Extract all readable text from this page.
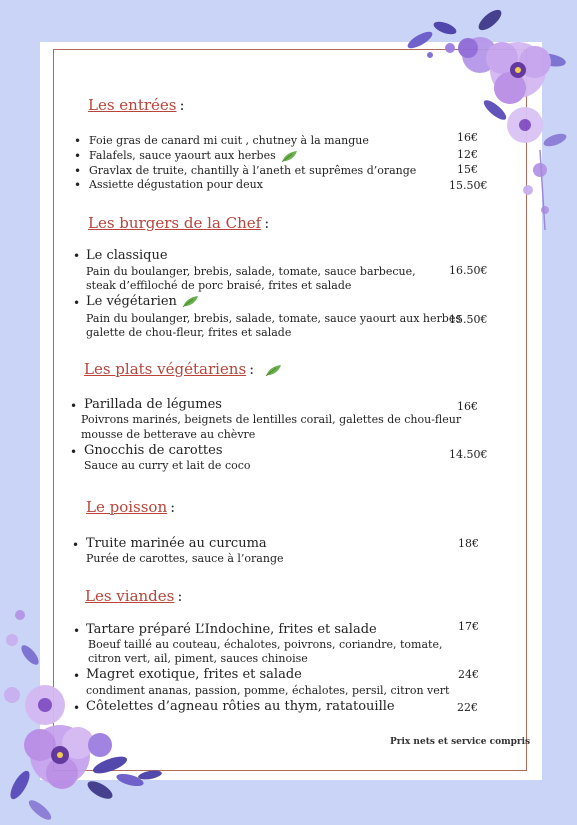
Les entrées :
• Foie gras de canard mi cuit , chutney à la mangue	16€
• Falafels, sauce yaourt aux herbes	12€
• Gravlax de truite, chantilly à l’aneth et suprêmes d’orange	15€
• Assiette dégustation pour deux	15.50€
Les burgers de la Chef :
• Le classique
Pain du boulanger, brebis, salade, tomate, sauce barbecue,
steak d’effiloché de porc braisé, frites et salade
16.50€
• Le végétarien
Pain du boulanger, brebis, salade, tomate, sauce yaourt aux herbes
galette de chou-fleur, frites et salade
15.50€
Les plats végétariens :
• Parillada de légumes
Poivrons marinés, beignets de lentilles corail, galettes de chou-fleur
mousse de betterave au chèvre
16€
• Gnocchis de carottes
Sauce au curry et lait de coco
14.50€
Le poisson :
• Truite marinée au curcuma
Purée de carottes, sauce à l’orange
18€
Les viandes :
• Tartare préparé L’Indochine, frites et salade
Boeuf taillé au couteau, échalotes, poivrons, coriandre, tomate,
citron vert, ail, piment, sauces chinoise
17€
• Magret exotique, frites et salade
condiment ananas, passion, pomme, échalotes, persil, citron vert
24€
• Côtelettes d’agneau rôties au thym, ratatouille	22€
Prix nets et service compris
